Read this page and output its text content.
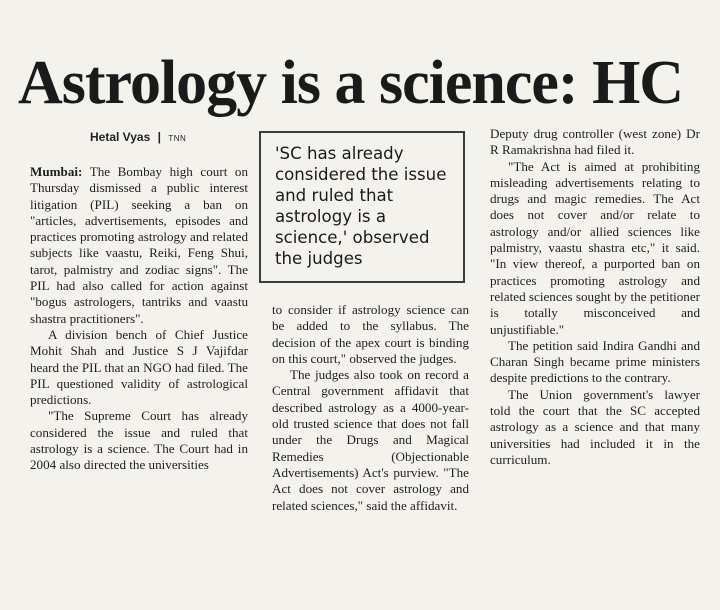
Astrology is a science: HC
Hetal Vyas | TNN

Mumbai: The Bombay high court on Thursday dismissed a public interest litigation (PIL) seeking a ban on "articles, advertisements, episodes and practices promoting astrology and related subjects like vaastu, Reiki, Feng Shui, tarot, palmistry and zodiac signs". The PIL had also called for action against "bogus astrologers, tantriks and vaastu shastra practitioners".

A division bench of Chief Justice Mohit Shah and Justice S J Vajifdar heard the PIL that an NGO had filed. The PIL questioned validity of astrological predictions.

"The Supreme Court has already considered the issue and ruled that astrology is a science. The Court had in 2004 also directed the universities

'SC has already considered the issue and ruled that astrology is a science,' observed the judges

to consider if astrology science can be added to the syllabus. The decision of the apex court is binding on this court," observed the judges.

The judges also took on record a Central government affidavit that described astrology as a 4000-year-old trusted science that does not fall under the Drugs and Magical Remedies (Objectionable Advertisements) Act's purview. "The Act does not cover astrology and related sciences," said the affidavit.

Deputy drug controller (west zone) Dr R Ramakrishna had filed it.

"The Act is aimed at prohibiting misleading advertisements relating to drugs and magic remedies. The Act does not cover and/or relate to astrology and/or allied sciences like palmistry, vaastu shastra etc," it said. "In view thereof, a purported ban on practices promoting astrology and related sciences sought by the petitioner is totally misconceived and unjustifiable."

The petition said Indira Gandhi and Charan Singh became prime ministers despite predictions to the contrary.

The Union government's lawyer told the court that the SC accepted astrology as a science and that many universities had included it in the curriculum.
